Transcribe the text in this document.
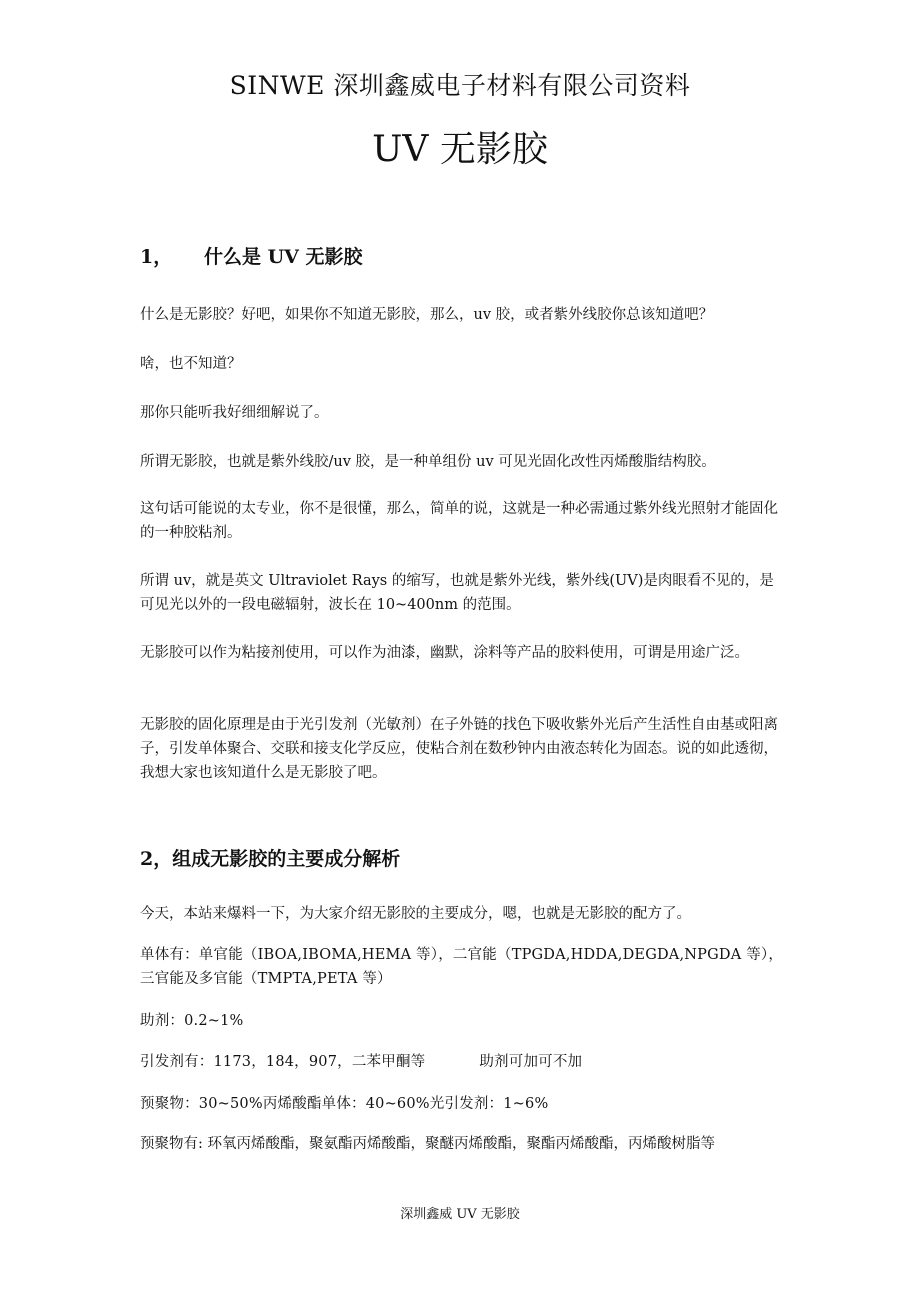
SINWE 深圳鑫威电子材料有限公司资料
UV 无影胶
1， 什么是 UV 无影胶

什么是无影胶？好吧，如果你不知道无影胶，那么，uv 胶，或者紫外线胶你总该知道吧？

啥，也不知道？

那你只能听我好细细解说了。

所谓无影胶，也就是紫外线胶/uv 胶，是一种单组份 uv 可见光固化改性丙烯酸脂结构胶。

这句话可能说的太专业，你不是很懂，那么，简单的说，这就是一种必需通过紫外线光照射才能固化的一种胶粘剂。

所谓 uv，就是英文 Ultraviolet Rays 的缩写，也就是紫外光线，紫外线(UV)是肉眼看不见的，是可见光以外的一段电磁辐射，波长在 10~400nm 的范围。

无影胶可以作为粘接剂使用，可以作为油漆，幽默，涂料等产品的胶料使用，可谓是用途广泛。

无影胶的固化原理是由于光引发剂（光敏剂）在子外链的找色下吸收紫外光后产生活性自由基或阳离子，引发单体聚合、交联和接支化学反应，使粘合剂在数秒钟内由液态转化为固态。说的如此透彻，我想大家也该知道什么是无影胶了吧。

2，组成无影胶的主要成分解析

今天，本站来爆料一下，为大家介绍无影胶的主要成分，嗯，也就是无影胶的配方了。

单体有：单官能（IBOA,IBOMA,HEMA 等），二官能（TPGDA,HDDA,DEGDA,NPGDA 等），三官能及多官能（TMPTA,PETA 等）

助剂：0.2~1%

引发剂有：1173，184，907，二苯甲酮等	助剂可加可不加

预聚物：30~50%丙烯酸酯单体：40~60%光引发剂：1~6%

预聚物有: 环氧丙烯酸酯，聚氨酯丙烯酸酯，聚醚丙烯酸酯，聚酯丙烯酸酯，丙烯酸树脂等

深圳鑫威 UV 无影胶
